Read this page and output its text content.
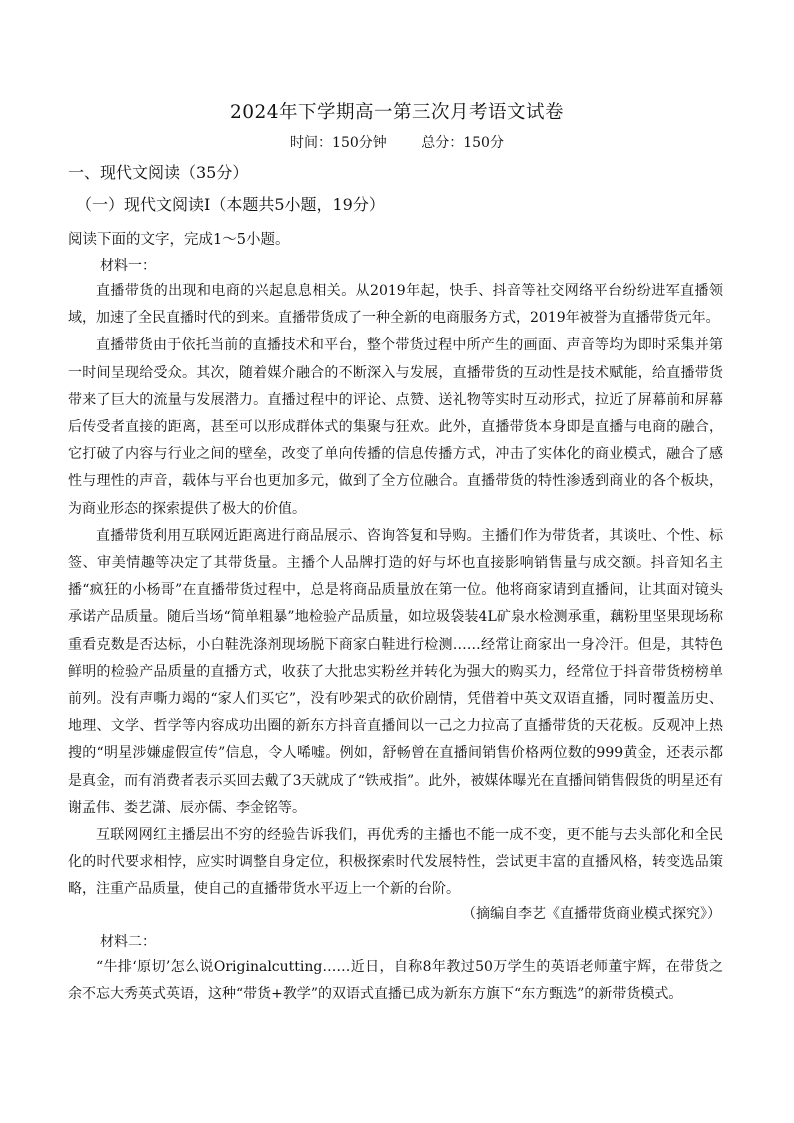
2024年下学期高一第三次月考语文试卷
时间：150分钟 总分：150分
一、现代文阅读（35分）
（一）现代文阅读Ⅰ（本题共5小题，19分）
阅读下面的文字，完成1～5小题。
材料一：

直播带货的出现和电商的兴起息息相关。从2019年起，快手、抖音等社交网络平台纷纷进军直播领域，加速了全民直播时代的到来。直播带货成了一种全新的电商服务方式，2019年被誉为直播带货元年。

直播带货由于依托当前的直播技术和平台，整个带货过程中所产生的画面、声音等均为即时采集并第一时间呈现给受众。其次，随着媒介融合的不断深入与发展，直播带货的互动性是技术赋能，给直播带货带来了巨大的流量与发展潜力。直播过程中的评论、点赞、送礼物等实时互动形式，拉近了屏幕前和屏幕后传受者直接的距离，甚至可以形成群体式的集聚与狂欢。此外，直播带货本身即是直播与电商的融合，它打破了内容与行业之间的壁垒，改变了单向传播的信息传播方式，冲击了实体化的商业模式，融合了感性与理性的声音，载体与平台也更加多元，做到了全方位融合。直播带货的特性渗透到商业的各个板块，为商业形态的探索提供了极大的价值。

直播带货利用互联网近距离进行商品展示、咨询答复和导购。主播们作为带货者，其谈吐、个性、标签、审美情趣等决定了其带货量。主播个人品牌打造的好与坏也直接影响销售量与成交额。抖音知名主播“疯狂的小杨哥”在直播带货过程中，总是将商品质量放在第一位。他将商家请到直播间，让其面对镜头承诺产品质量。随后当场“简单粗暴”地检验产品质量，如垃圾袋装4L矿泉水检测承重，藕粉里坚果现场称重看克数是否达标，小白鞋洗涤剂现场脱下商家白鞋进行检测……经常让商家出一身冷汗。但是，其特色鲜明的检验产品质量的直播方式，收获了大批忠实粉丝并转化为强大的购买力，经常位于抖音带货榜榜单前列。没有声嘶力竭的“家人们买它”，没有吵架式的砍价剧情，凭借着中英文双语直播，同时覆盖历史、地理、文学、哲学等内容成功出圈的新东方抖音直播间以一己之力拉高了直播带货的天花板。反观冲上热搜的“明星涉嫌虚假宣传”信息，令人唏嘘。例如，舒畅曾在直播间销售价格两位数的999黄金，还表示都是真金，而有消费者表示买回去戴了3天就成了“铁戒指”。此外，被媒体曝光在直播间销售假货的明星还有谢孟伟、娄艺潇、辰亦儒、李金铭等。

互联网网红主播层出不穷的经验告诉我们，再优秀的主播也不能一成不变，更不能与去头部化和全民化的时代要求相悖，应实时调整自身定位，积极探索时代发展特性，尝试更丰富的直播风格，转变选品策略，注重产品质量，使自己的直播带货水平迈上一个新的台阶。

（摘编自李艺《直播带货商业模式探究》）
材料二：

“牛排‘原切’怎么说Originalcutting……近日，自称8年教过50万学生的英语老师董宇辉，在带货之余不忘大秀英式英语，这种“带货+教学”的双语式直播已成为新东方旗下“东方甄选”的新带货模式。
